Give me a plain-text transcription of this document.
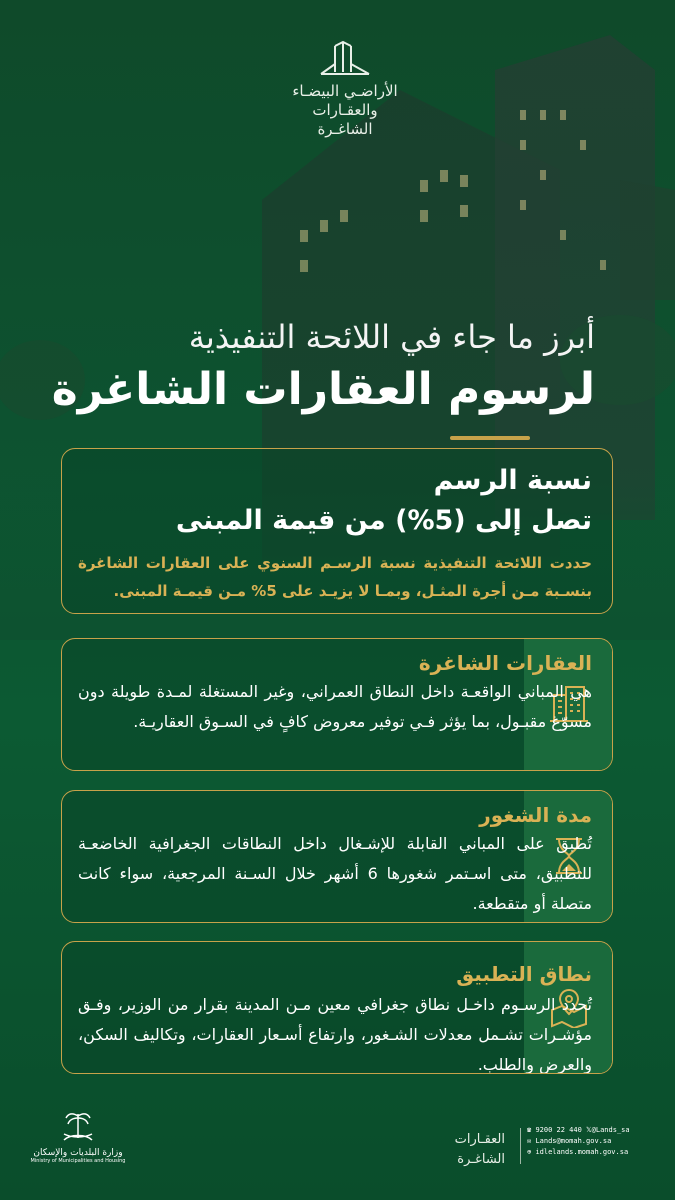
الأراضـي البيضـاء
والعقـارات الشاغـرة
أبرز ما جاء في اللائحة التنفيذية
لرسوم العقارات الشاغرة
نسبة الرسم
تصل إلى (5%) من قيمة المبنى
حددت اللائحة التنفيذية نسبة الرسـم السنوي على العقارات الشاغرة بنسـبة مـن أجرة المثـل، وبمـا لا يزيـد على 5% مـن قيمـة المبنى.
العقارات الشاغرة
هي المباني الواقعـة داخل النطاق العمراني، وغير المستغلة لمـدة طويلة دون مسوّغ مقبـول، بما يؤثر فـي توفير معروض كافٍ في السـوق العقاريـة.
مدة الشغور
تُطبق على المباني القابلة للإشـغال داخل النطاقات الجغرافية الخاضعـة للتطبيق، متى اسـتمر شغورها 6 أشهر خلال السـنة المرجعية، سواء كانت متصلة أو متقطعة.
نطاق التطبيق
تُحدد الرسـوم داخـل نطاق جغرافي معين مـن المدينة بقرار من الوزير، وفـق مؤشـرات تشـمل معدلات الشـغور، وارتفاع أسـعار العقارات، وتكاليف السكن، والعرض والطلب.
وزارة البلديات والإسكان
Ministry of Municipalities and Housing
العقـارات
الشاغـرة
☎ 9200 22 440 𝕏@Lands_sa
✉ Lands@momah.gov.sa
⊕ idlelands.momah.gov.sa
